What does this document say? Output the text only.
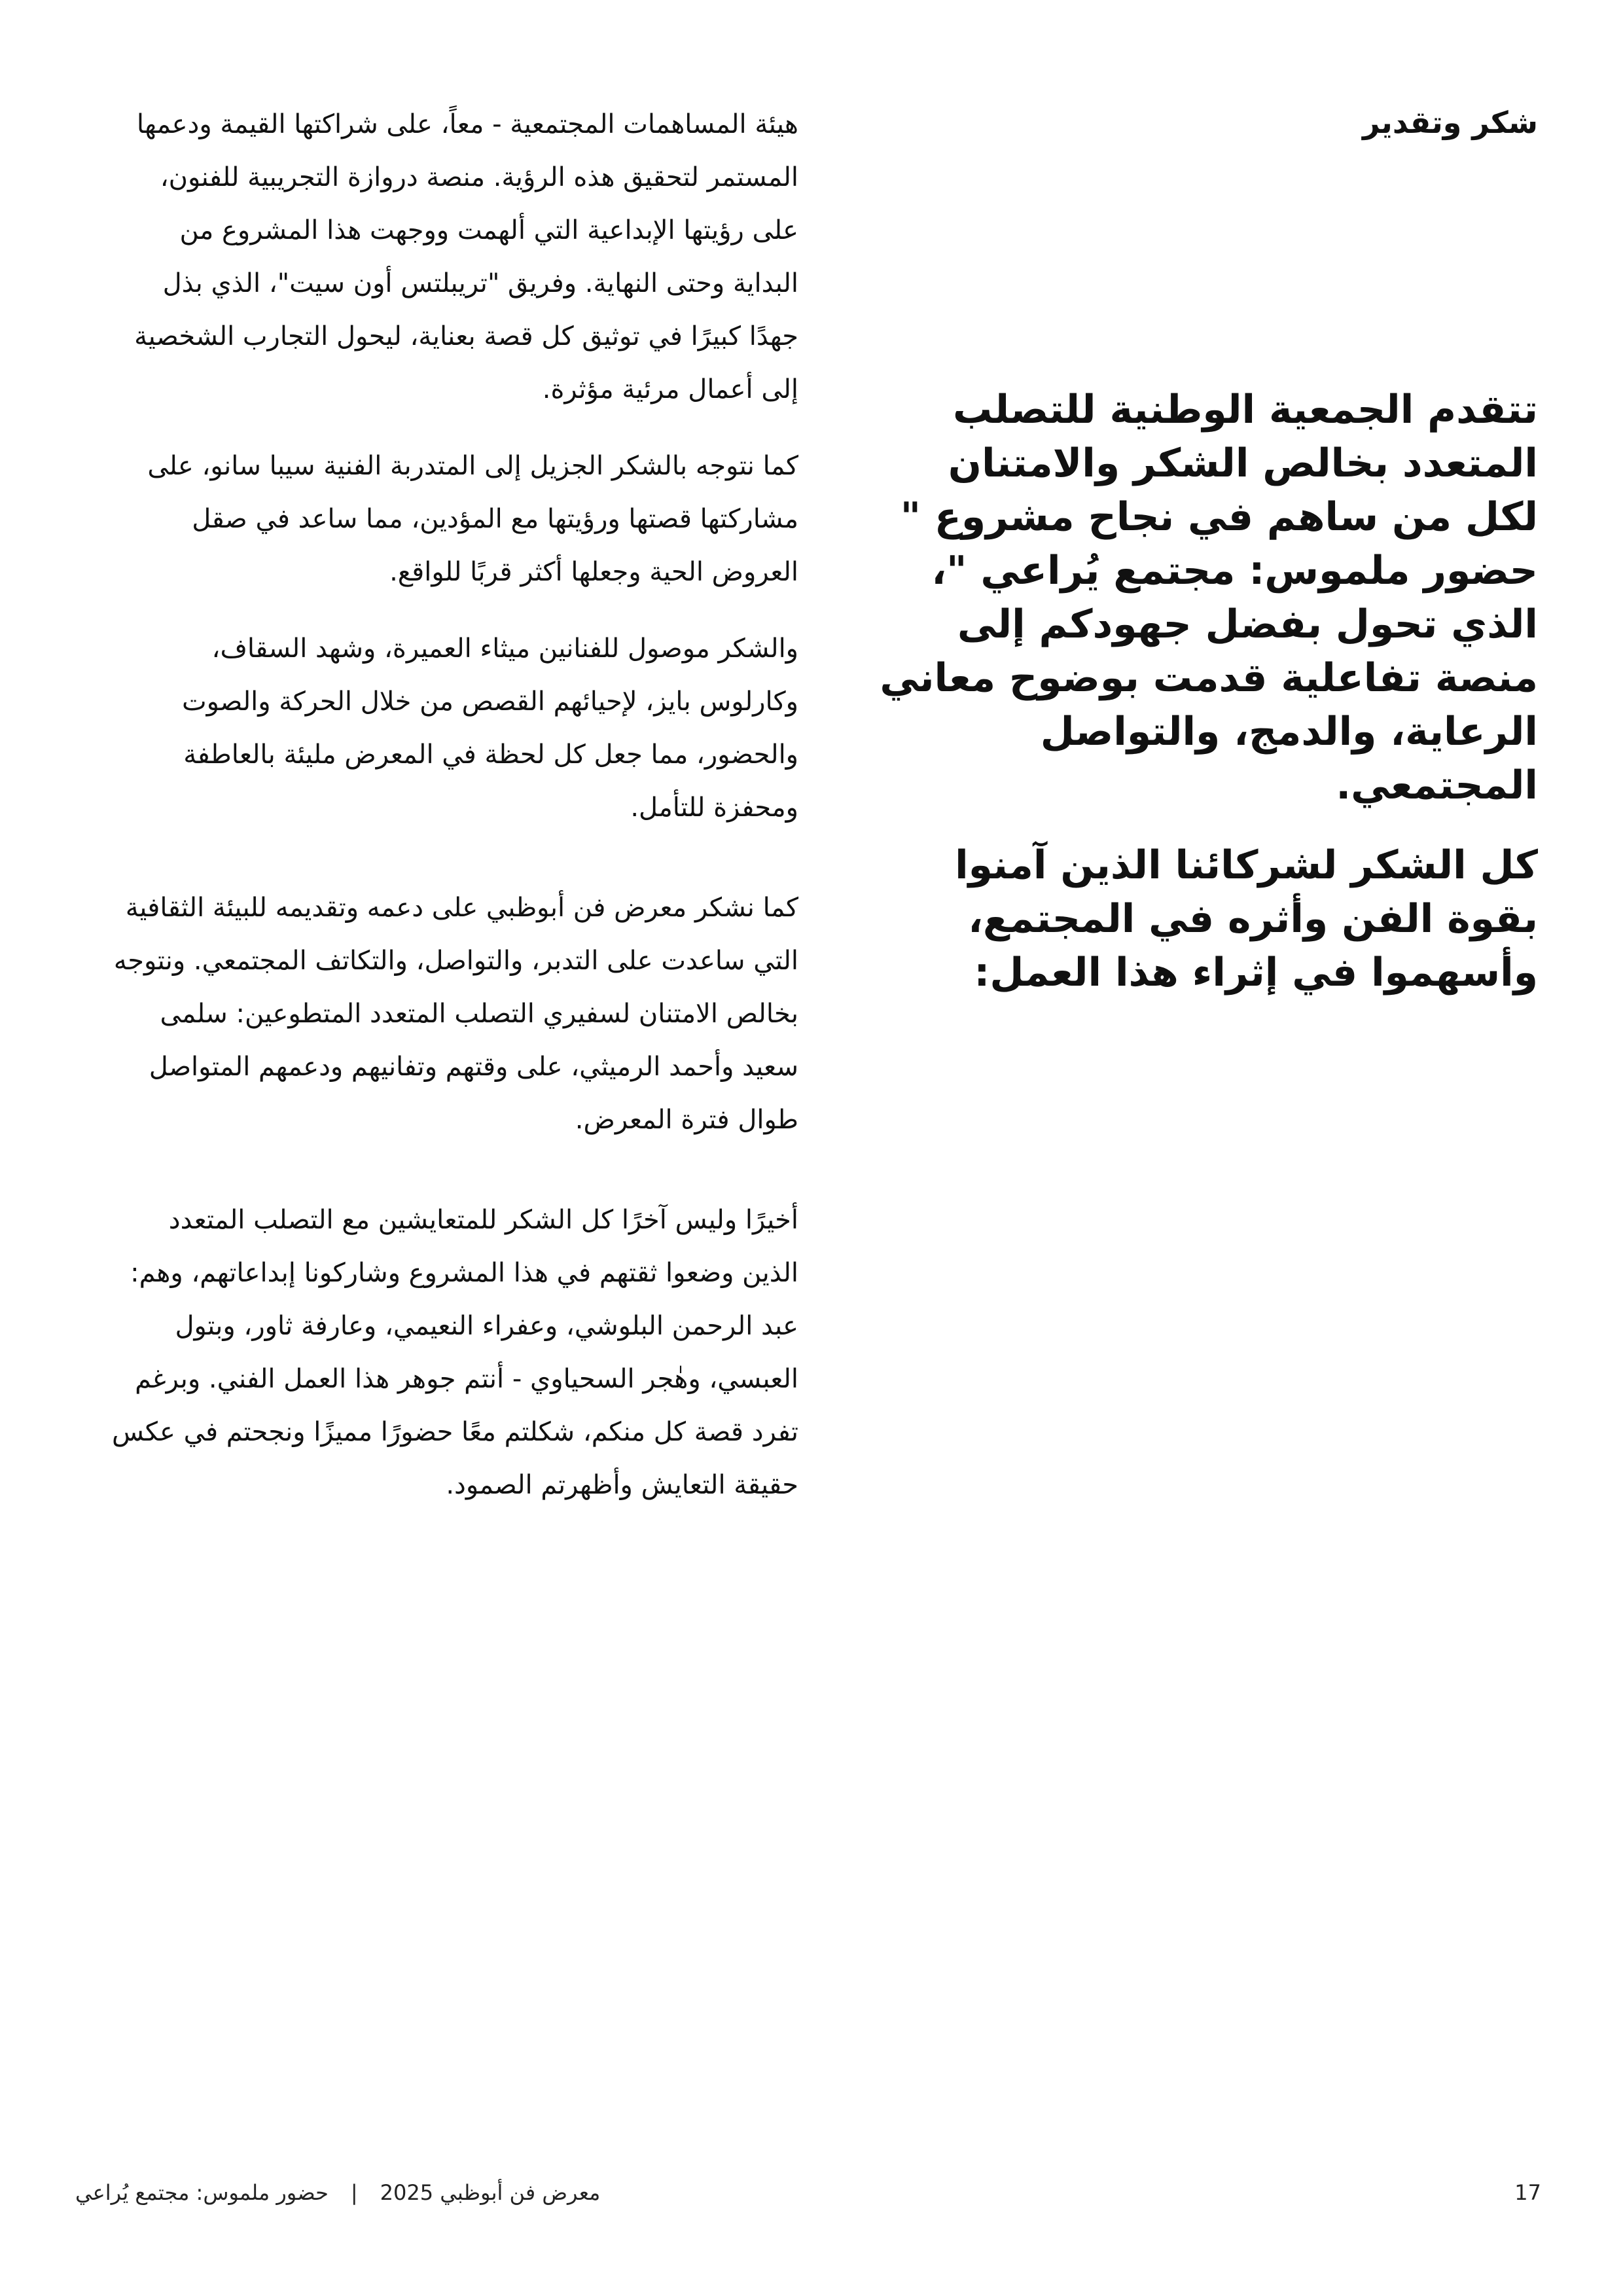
شكر وتقدير

تتقدم الجمعية الوطنية للتصلب المتعدد بخالص الشكر والامتنان لكل من ساهم في نجاح مشروع " حضور ملموس: مجتمع يُراعي "، الذي تحول بفضل جهودكم إلى منصة تفاعلية قدمت بوضوح معاني الرعاية، والدمج، والتواصل المجتمعي.

كل الشكر لشركائنا الذين آمنوا بقوة الفن وأثره في المجتمع، وأسهموا في إثراء هذا العمل:

هيئة المساهمات المجتمعية - معاً، على شراكتها القيمة ودعمها المستمر لتحقيق هذه الرؤية. منصة دروازة التجريبية للفنون، على رؤيتها الإبداعية التي ألهمت ووجهت هذا المشروع من البداية وحتى النهاية. وفريق "تريبلتس أون سيت"، الذي بذل جهدًا كبيرًا في توثيق كل قصة بعناية، ليحول التجارب الشخصية إلى أعمال مرئية مؤثرة.

كما نتوجه بالشكر الجزيل إلى المتدربة الفنية سيبا سانو، على مشاركتها قصتها ورؤيتها مع المؤدين، مما ساعد في صقل العروض الحية وجعلها أكثر قربًا للواقع.

والشكر موصول للفنانين ميثاء العميرة، وشهد السقاف، وكارلوس بايز، لإحيائهم القصص من خلال الحركة والصوت والحضور، مما جعل كل لحظة في المعرض مليئة بالعاطفة ومحفزة للتأمل.

كما نشكر معرض فن أبوظبي على دعمه وتقديمه للبيئة الثقافية التي ساعدت على التدبر، والتواصل، والتكاتف المجتمعي. ونتوجه بخالص الامتنان لسفيري التصلب المتعدد المتطوعين: سلمى سعيد وأحمد الرميثي، على وقتهم وتفانيهم ودعمهم المتواصل طوال فترة المعرض.

أخيرًا وليس آخرًا كل الشكر للمتعايشين مع التصلب المتعدد الذين وضعوا ثقتهم في هذا المشروع وشاركونا إبداعاتهم، وهم: عبد الرحمن البلوشي، وعفراء النعيمي، وعارفة ثاور، وبتول العبسي، وهٰجر السحياوي - أنتم جوهر هذا العمل الفني. وبرغم تفرد قصة كل منكم، شكلتم معًا حضورًا مميزًا ونجحتم في عكس حقيقة التعايش وأظهرتم الصمود.

17
معرض فن أبوظبي 2025|حضور ملموس: مجتمع يُراعي
